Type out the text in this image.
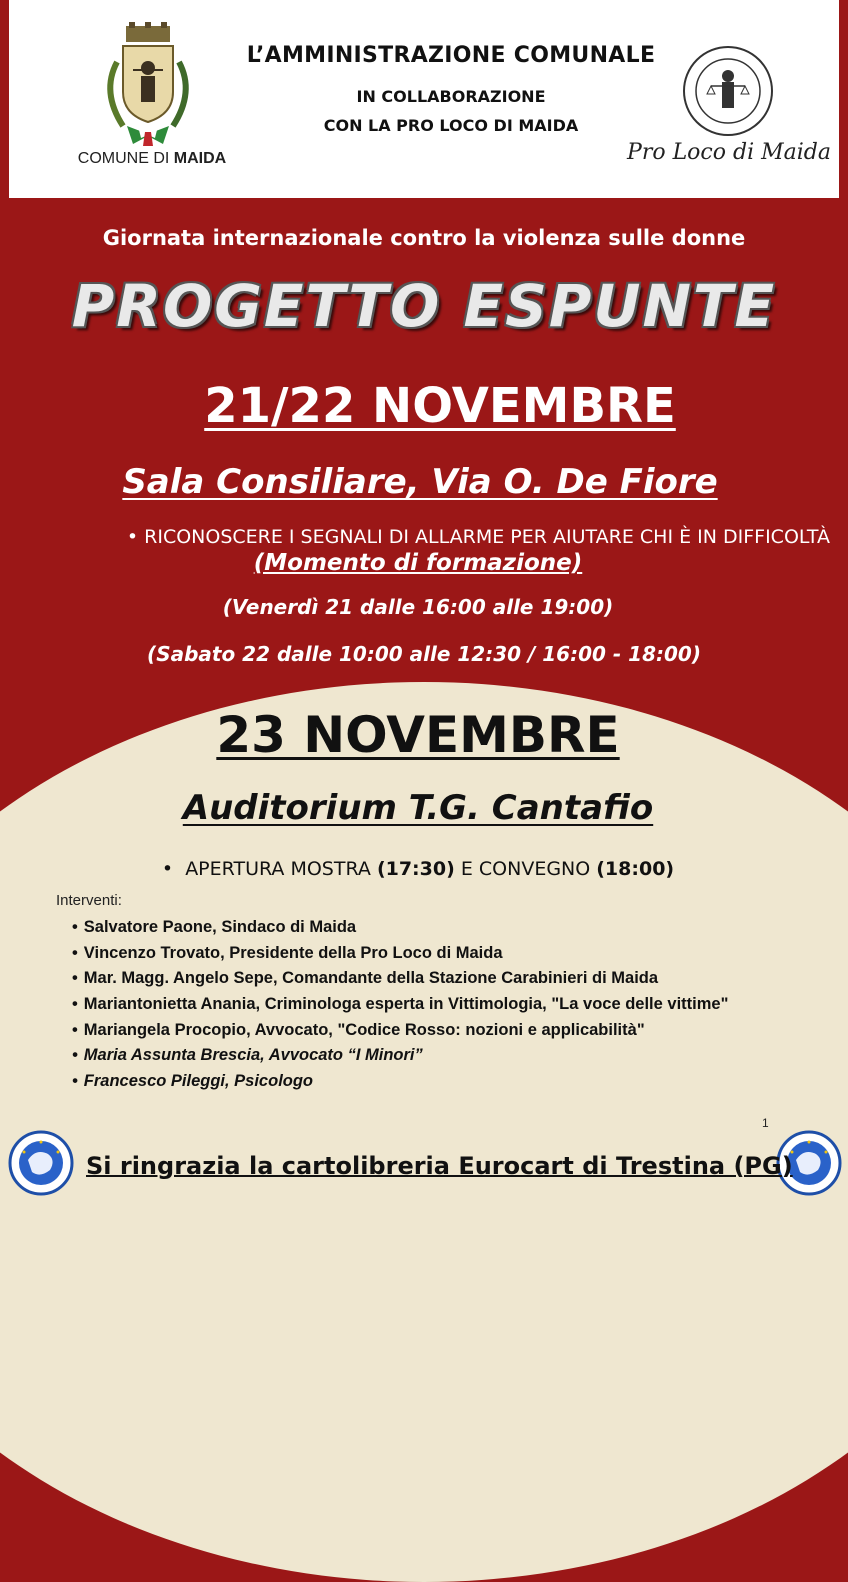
COMUNE DI MAIDA
L’AMMINISTRAZIONE COMUNALE
IN COLLABORAZIONE
CON LA PRO LOCO DI MAIDA
Pro Loco di Maida
Giornata internazionale contro la violenza sulle donne
PROGETTO ESPUNTE
21/22 NOVEMBRE
Sala Consiliare, Via O. De Fiore
• RICONOSCERE I SEGNALI DI ALLARME PER AIUTARE CHI È IN DIFFICOLTÀ
(Momento di formazione)
(Venerdì 21 dalle 16:00 alle 19:00)
(Sabato 22 dalle 10:00 alle 12:30 / 16:00 - 18:00)
23 NOVEMBRE
Auditorium T.G. Cantafio
•  APERTURA MOSTRA (17:30) E CONVEGNO (18:00)
Interventi:
• Salvatore Paone, Sindaco di Maida
• Vincenzo Trovato, Presidente della Pro Loco di Maida
• Mar. Magg. Angelo Sepe, Comandante della Stazione Carabinieri di Maida
• Mariantonietta Anania, Criminologa esperta in Vittimologia, "La voce delle vittime"
• Mariangela Procopio, Avvocato, "Codice Rosso: nozioni e applicabilità"
• Maria Assunta Brescia, Avvocato “I Minori”
• Francesco Pileggi, Psicologo
1
Si ringrazia la cartolibreria Eurocart di Trestina (PG)
